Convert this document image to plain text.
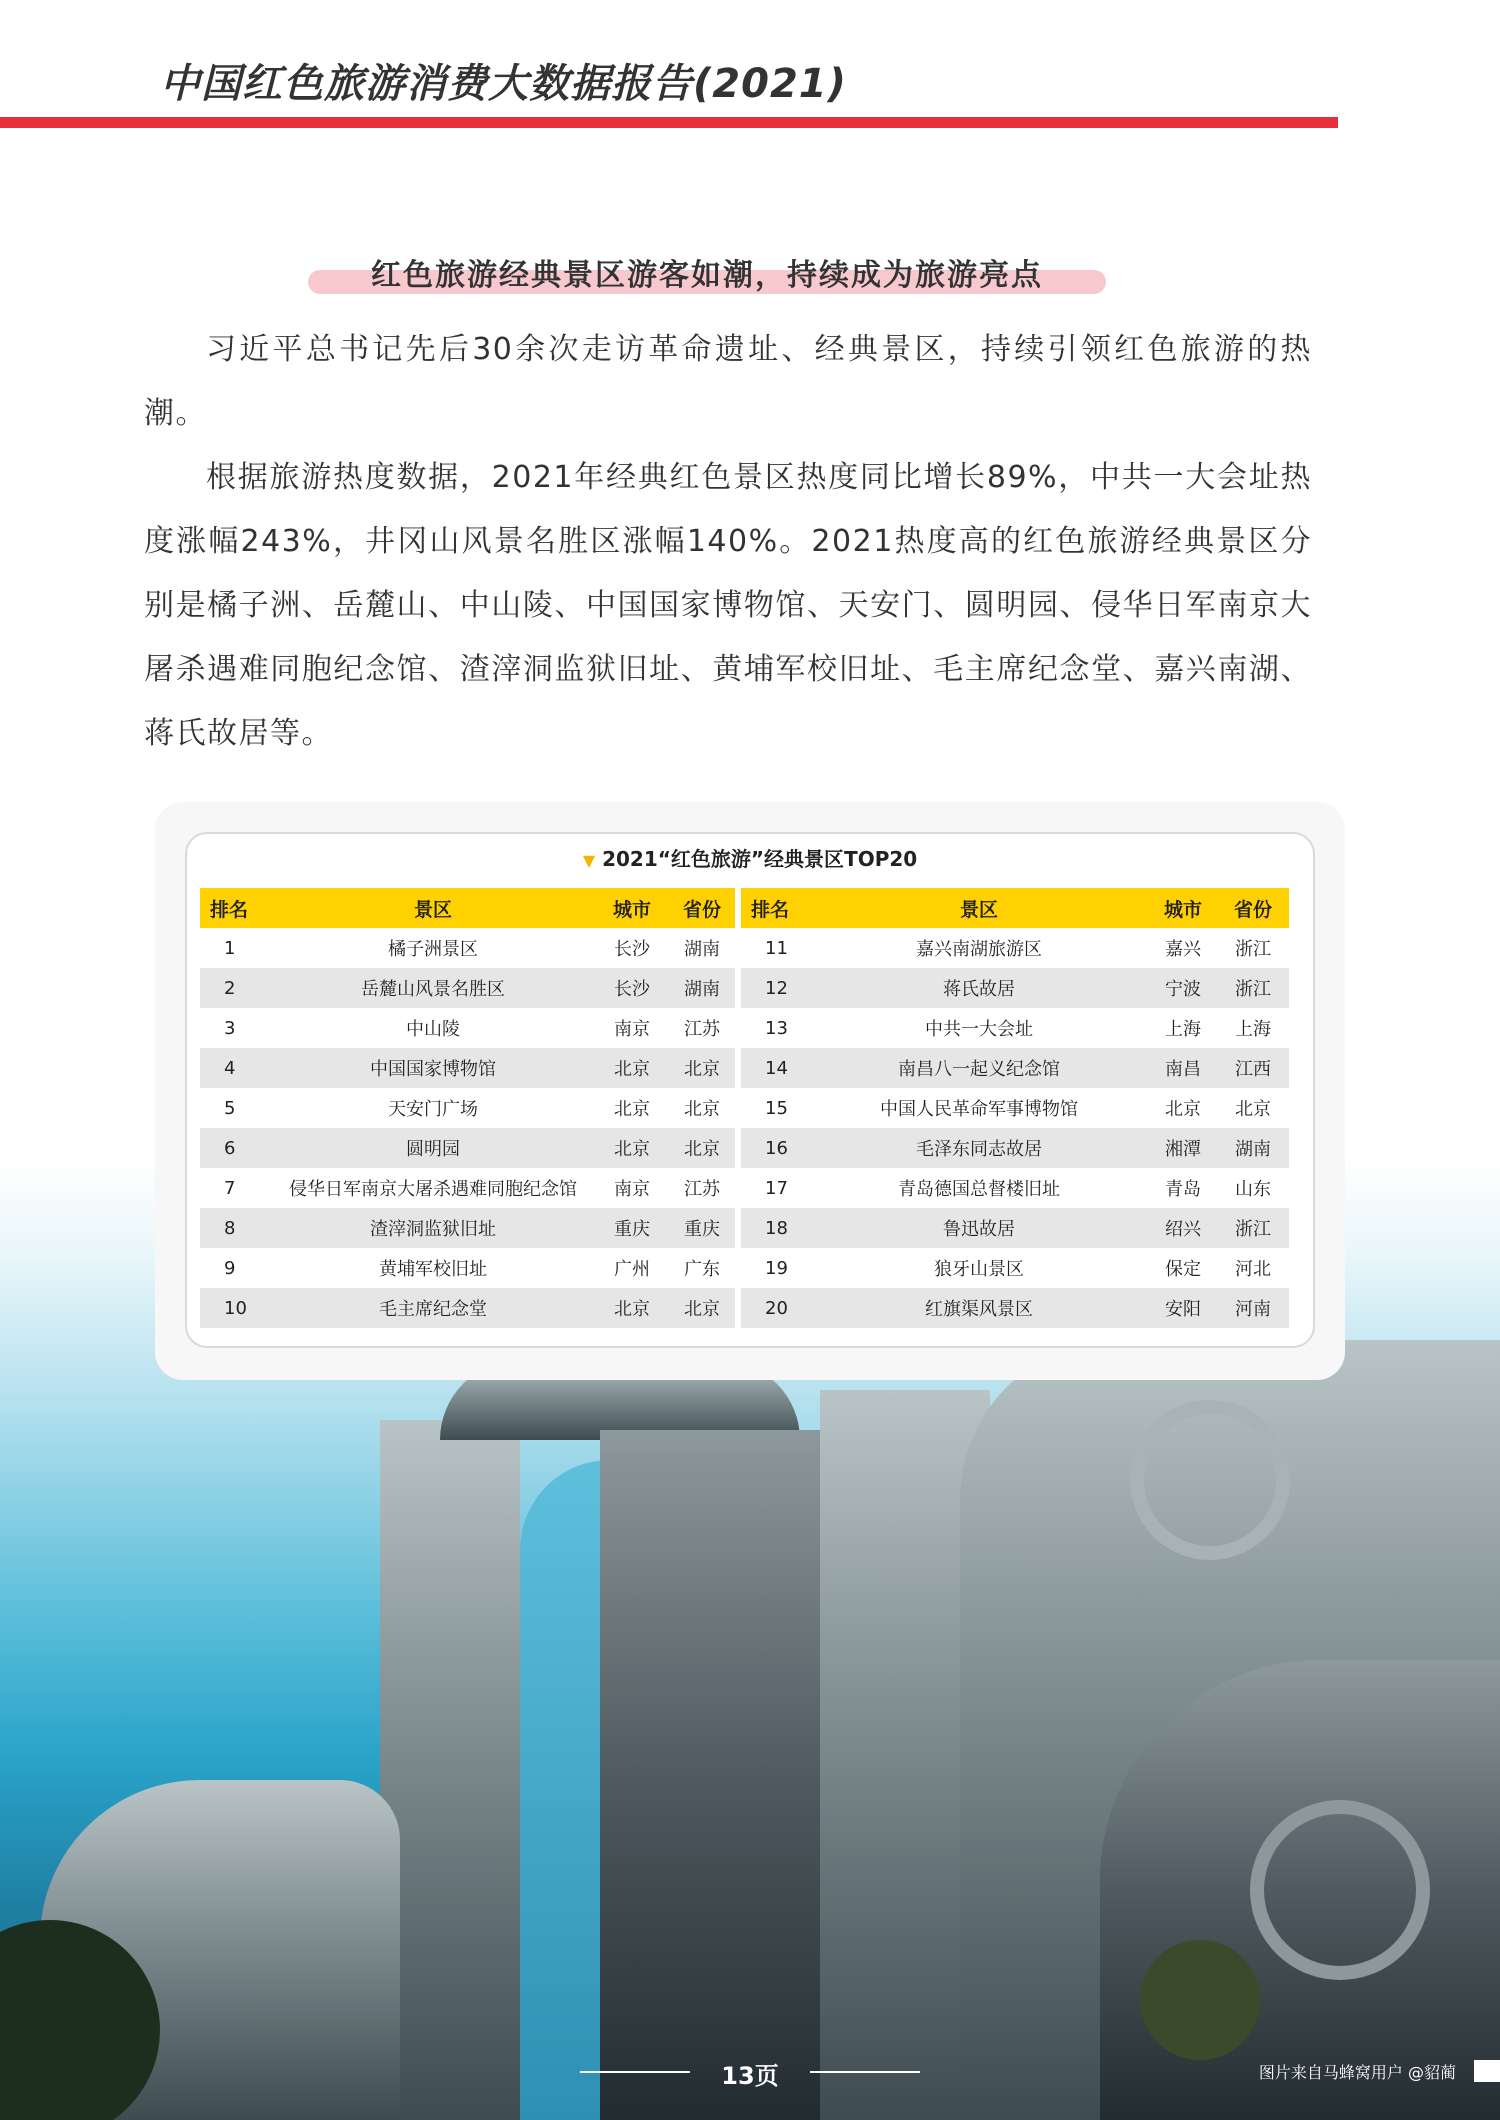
中国红色旅游消费大数据报告(2021)
红色旅游经典景区游客如潮，持续成为旅游亮点

习近平总书记先后30余次走访革命遗址、经典景区，持续引领红色旅游的热潮。

根据旅游热度数据，2021年经典红色景区热度同比增长89%，中共一大会址热度涨幅243%，井冈山风景名胜区涨幅140%。2021热度高的红色旅游经典景区分别是橘子洲、岳麓山、中山陵、中国国家博物馆、天安门、圆明园、侵华日军南京大屠杀遇难同胞纪念馆、渣滓洞监狱旧址、黄埔军校旧址、毛主席纪念堂、嘉兴南湖、蒋氏故居等。

▼ 2021“红色旅游”经典景区TOP20
排名	景区	城市	省份
1	橘子洲景区	长沙	湖南
2	岳麓山风景名胜区	长沙	湖南
3	中山陵	南京	江苏
4	中国国家博物馆	北京	北京
5	天安门广场	北京	北京
6	圆明园	北京	北京
7	侵华日军南京大屠杀遇难同胞纪念馆	南京	江苏
8	渣滓洞监狱旧址	重庆	重庆
9	黄埔军校旧址	广州	广东
10	毛主席纪念堂	北京	北京
排名	景区	城市	省份
11	嘉兴南湖旅游区	嘉兴	浙江
12	蒋氏故居	宁波	浙江
13	中共一大会址	上海	上海
14	南昌八一起义纪念馆	南昌	江西
15	中国人民革命军事博物馆	北京	北京
16	毛泽东同志故居	湘潭	湖南
17	青岛德国总督楼旧址	青岛	山东
18	鲁迅故居	绍兴	浙江
19	狼牙山景区	保定	河北
20	红旗渠风景区	安阳	河南
13页	图片来自马蜂窝用户 @貂蔺
